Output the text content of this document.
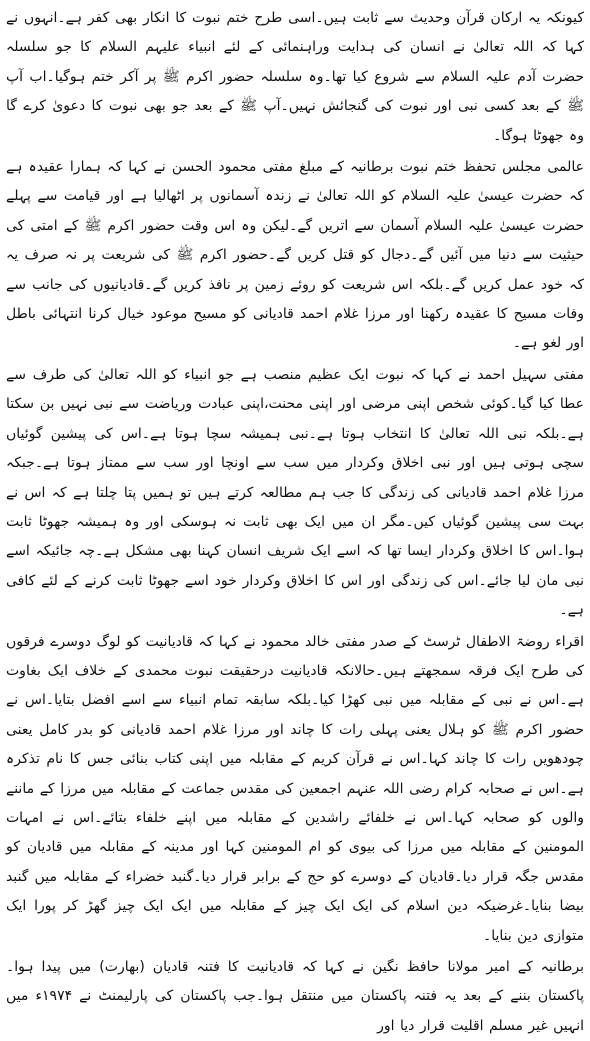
کیونکہ یہ ارکان قرآن وحدیث سے ثابت ہیں۔اسی طرح ختم نبوت کا انکار بھی کفر ہے۔انہوں نے کہا کہ اللہ تعالیٰ نے انسان کی ہدایت وراہنمائی کے لئے انبیاء علیہم السلام کا جو سلسلہ حضرت آدم علیہ السلام سے شروع کیا تھا۔وہ سلسلہ حضور اکرم ﷺ پر آکر ختم ہوگیا۔اب آپ ﷺ کے بعد کسی نبی اور نبوت کی گنجائش نہیں۔آپ ﷺ کے بعد جو بھی نبوت کا دعویٰ کرے گا وہ جھوٹا ہوگا۔

عالمی مجلس تحفظ ختم نبوت برطانیہ کے مبلغ مفتی محمود الحسن نے کہا کہ ہمارا عقیدہ ہے کہ حضرت عیسیٰ علیہ السلام کو اللہ تعالیٰ نے زندہ آسمانوں پر اٹھالیا ہے اور قیامت سے پہلے حضرت عیسیٰ علیہ السلام آسمان سے اتریں گے۔لیکن وہ اس وقت حضور اکرم ﷺ کے امتی کی حیثیت سے دنیا میں آئیں گے۔دجال کو قتل کریں گے۔حضور اکرم ﷺ کی شریعت پر نہ صرف یہ کہ خود عمل کریں گے۔بلکہ اس شریعت کو روئے زمین پر نافذ کریں گے۔قادیانیوں کی جانب سے وفات مسیح کا عقیدہ رکھنا اور مرزا غلام احمد قادیانی کو مسیح موعود خیال کرنا انتہائی باطل اور لغو ہے۔

مفتی سہیل احمد نے کہا کہ نبوت ایک عظیم منصب ہے جو انبیاء کو اللہ تعالیٰ کی طرف سے عطا کیا گیا۔کوئی شخص اپنی مرضی اور اپنی محنت،اپنی عبادت وریاضت سے نبی نہیں بن سکتا ہے۔بلکہ نبی اللہ تعالیٰ کا انتخاب ہوتا ہے۔نبی ہمیشہ سچا ہوتا ہے۔اس کی پیشین گوئیاں سچی ہوتی ہیں اور نبی اخلاق وکردار میں سب سے اونچا اور سب سے ممتاز ہوتا ہے۔جبکہ مرزا غلام احمد قادیانی کی زندگی کا جب ہم مطالعہ کرتے ہیں تو ہمیں پتا چلتا ہے کہ اس نے بہت سی پیشین گوئیاں کیں۔مگر ان میں ایک بھی ثابت نہ ہوسکی اور وہ ہمیشہ جھوٹا ثابت ہوا۔اس کا اخلاق وکردار ایسا تھا کہ اسے ایک شریف انسان کہنا بھی مشکل ہے۔چہ جائیکہ اسے نبی مان لیا جائے۔اس کی زندگی اور اس کا اخلاق وکردار خود اسے جھوٹا ثابت کرنے کے لئے کافی ہے۔

اقراء روضۃ الاطفال ٹرسٹ کے صدر مفتی خالد محمود نے کہا کہ قادیانیت کو لوگ دوسرے فرقوں کی طرح ایک فرقہ سمجھتے ہیں۔حالانکہ قادیانیت درحقیقت نبوت محمدی کے خلاف ایک بغاوت ہے۔اس نے نبی کے مقابلہ میں نبی کھڑا کیا۔بلکہ سابقہ تمام انبیاء سے اسے افضل بتایا۔اس نے حضور اکرم ﷺ کو ہلال یعنی پہلی رات کا چاند اور مرزا غلام احمد قادیانی کو بدر کامل یعنی چودھویں رات کا چاند کہا۔اس نے قرآن کریم کے مقابلہ میں اپنی کتاب بنائی جس کا نام تذکرہ ہے۔اس نے صحابہ کرام رضی اللہ عنہم اجمعین کی مقدس جماعت کے مقابلہ میں مرزا کے ماننے والوں کو صحابہ کہا۔اس نے خلفائے راشدین کے مقابلہ میں اپنے خلفاء بتائے۔اس نے امہات المومنین کے مقابلہ میں مرزا کی بیوی کو ام المومنین کہا اور مدینہ کے مقابلہ میں قادیان کو مقدس جگہ قرار دیا۔قادیان کے دوسرے کو حج کے برابر قرار دیا۔گنبد خضراء کے مقابلہ میں گنبد بیضا بنایا۔غرضیکہ دین اسلام کی ایک ایک چیز کے مقابلہ میں ایک ایک چیز گھڑ کر پورا ایک متوازی دین بنایا۔

برطانیہ کے امیر مولانا حافظ نگین نے کہا کہ قادیانیت کا فتنہ قادیان (بھارت) میں پیدا ہوا۔پاکستان بننے کے بعد یہ فتنہ پاکستان میں منتقل ہوا۔جب پاکستان کی پارلیمنٹ نے ۱۹۷۴ء میں انہیں غیر مسلم اقلیت قرار دیا اور
